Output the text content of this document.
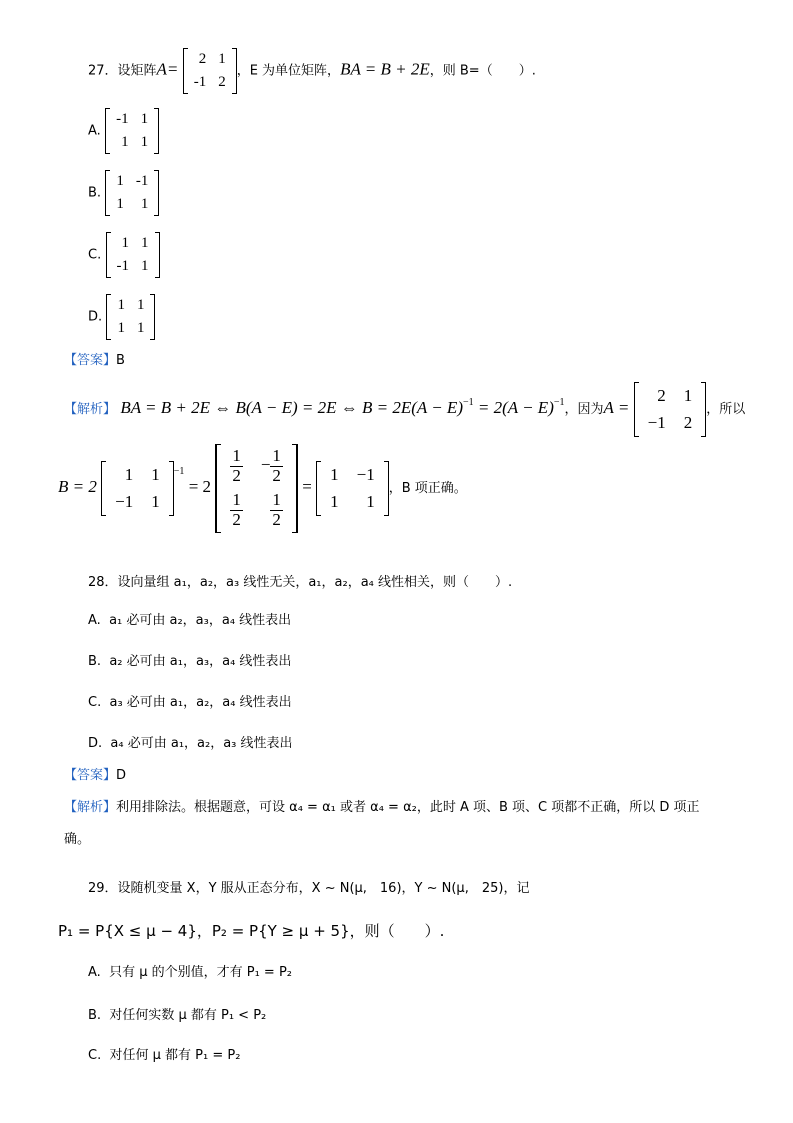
27．设矩阵A=
2	1
-1	2
，E 为单位矩阵，BA = B + 2E，则 B=（　　）.
A.
-1	1
1	1
B.
1	-1
1	1
C.
1	1
-1	1
D.
1	1
1	1
【答案】B
【解析】 BA = B + 2E ⇔ B(A − E) = 2E ⇔ $B = 2E(A - E)^{-1} = 2(A - E)^{-1}$，因为A =
2	1
−1	2
，所以
B = 2
1	1
−1	1
$^{-1}$ = 2
$\frac{1}{2}$	− $\frac{1}{2}$

$\frac{1}{2}$	$\frac{1}{2}$
=
1	−1
1	1
，B 项正确。
28．设向量组 a₁，a₂，a₃ 线性无关，a₁，a₂，a₄ 线性相关，则（　　）.
A. a₁ 必可由 a₂，a₃，a₄ 线性表出
B. a₂ 必可由 a₁，a₃，a₄ 线性表出
C. a₃ 必可由 a₁，a₂，a₄ 线性表出
D. a₄ 必可由 a₁，a₂，a₃ 线性表出
【答案】D
【解析】利用排除法。根据题意，可设 α₄ = α₁ 或者 α₄ = α₂，此时 A 项、B 项、C 项都不正确，所以 D 项正
确。
29．设随机变量 X，Y 服从正态分布，X ~ N(μ,　16)，Y ~ N(μ,　25)，记
P₁ = P{X ≤ μ − 4}，P₂ = P{Y ≥ μ + 5}，则（　　）.
A. 只有 μ 的个别值，才有 P₁ = P₂
B. 对任何实数 μ 都有 P₁ < P₂
C. 对任何 μ 都有 P₁ = P₂
